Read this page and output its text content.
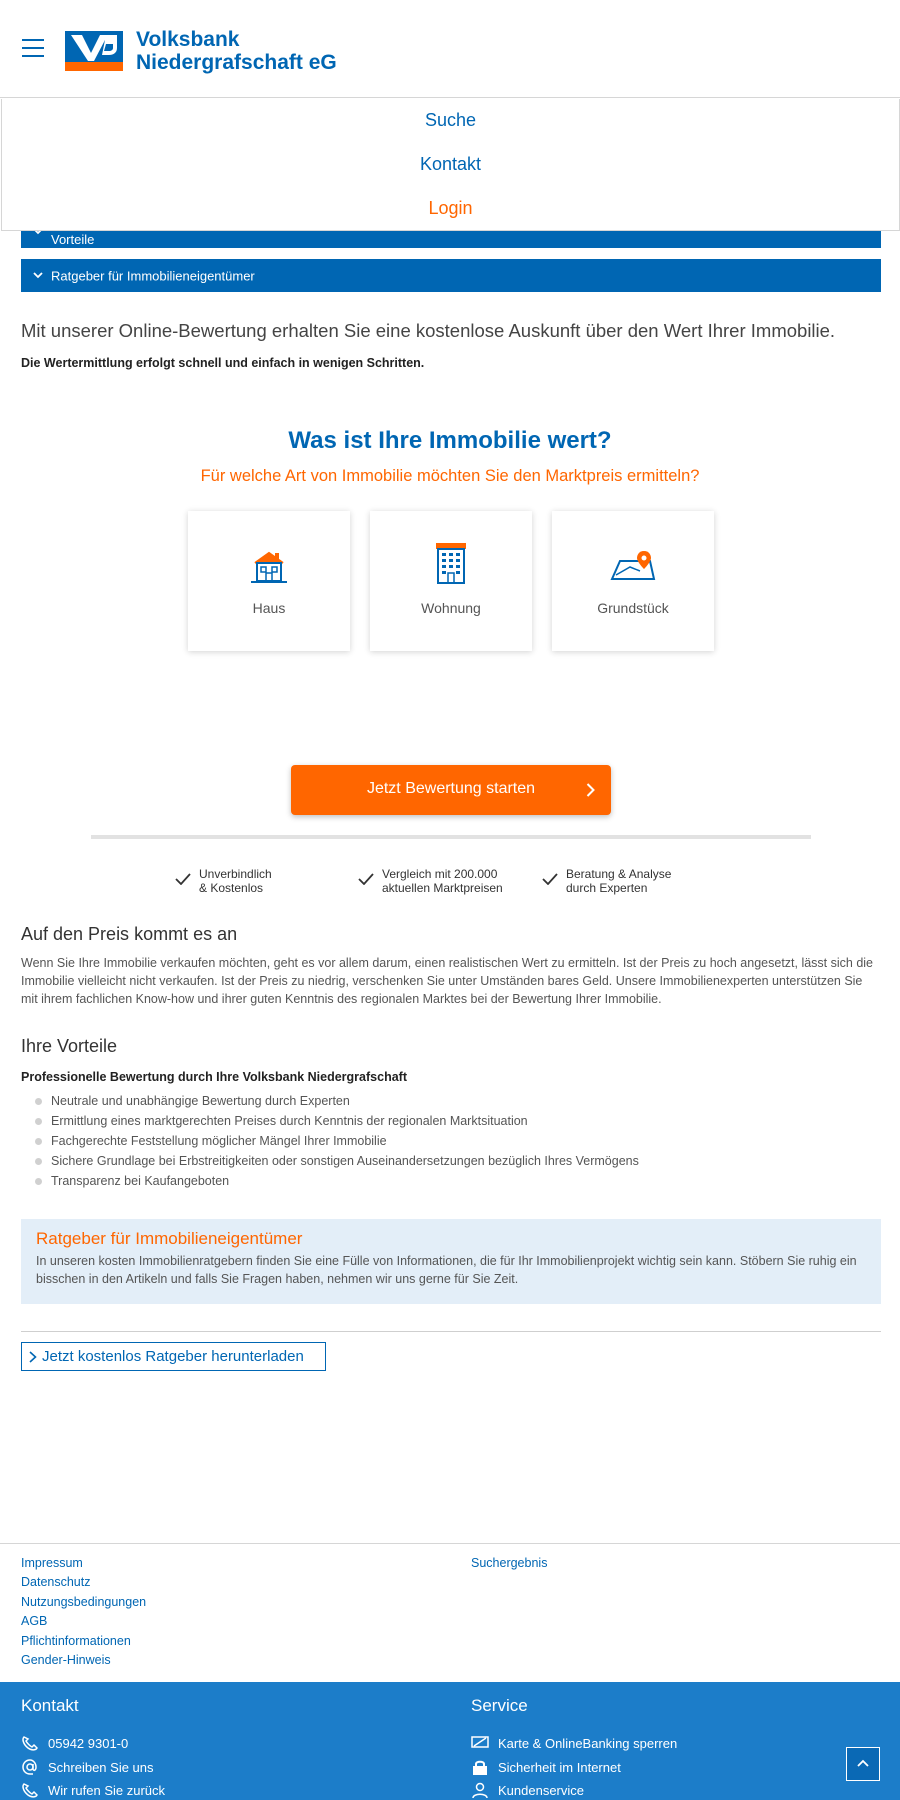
Volksbank
Niedergrafschaft eG
Vorteile
Ratgeber für Immobilieneigentümer
Suche
Kontakt
Login
Mit unserer Online-Bewertung erhalten Sie eine kostenlose Auskunft über den Wert Ihrer Immobilie.
Die Wertermittlung erfolgt schnell und einfach in wenigen Schritten.
Was ist Ihre Immobilie wert?
Für welche Art von Immobilie möchten Sie den Marktpreis ermitteln?
Haus	Wohnung	Grundstück
Jetzt Bewertung starten
Unverbindlich
& Kostenlos
Vergleich mit 200.000
aktuellen Marktpreisen
Beratung & Analyse
durch Experten
Auf den Preis kommt es an
Wenn Sie Ihre Immobilie verkaufen möchten, geht es vor allem darum, einen realistischen Wert zu ermitteln. Ist der Preis zu hoch angesetzt, lässt sich die Immobilie vielleicht nicht verkaufen. Ist der Preis zu niedrig, verschenken Sie unter Umständen bares Geld. Unsere Immobilienexperten unterstützen Sie mit ihrem fachlichen Know-how und ihrer guten Kenntnis des regionalen Marktes bei der Bewertung Ihrer Immobilie.
Ihre Vorteile
Professionelle Bewertung durch Ihre Volksbank Niedergrafschaft
Neutrale und unabhängige Bewertung durch Experten
Ermittlung eines marktgerechten Preises durch Kenntnis der regionalen Marktsituation
Fachgerechte Feststellung möglicher Mängel Ihrer Immobilie
Sichere Grundlage bei Erbstreitigkeiten oder sonstigen Auseinandersetzungen bezüglich Ihres Vermögens
Transparenz bei Kaufangeboten
Ratgeber für Immobilieneigentümer
In unseren kosten Immobilienratgebern finden Sie eine Fülle von Informationen, die für Ihr Immobilienprojekt wichtig sein kann. Stöbern Sie ruhig ein bisschen in den Artikeln und falls Sie Fragen haben, nehmen wir uns gerne für Sie Zeit.
Jetzt kostenlos Ratgeber herunterladen
Impressum
Datenschutz
Nutzungsbedingungen
AGB
Pflichtinformationen
Gender-Hinweis
Suchergebnis
Kontakt
05942 9301-0
Schreiben Sie uns
Wir rufen Sie zurück
Service
Karte & OnlineBanking sperren
Sicherheit im Internet
Kundenservice
